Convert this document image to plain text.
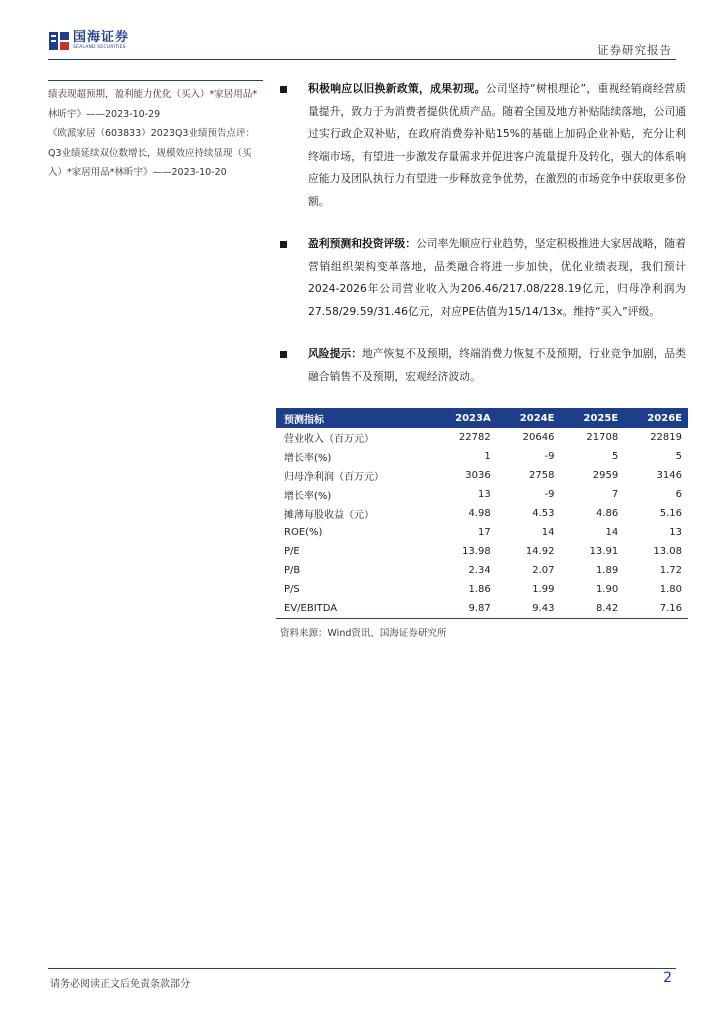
国海证券
SEALAND SECURITIES	证券研究报告
绩表现超预期，盈利能力优化（买入）*家居用品*
林昕宇》——2023-10-29
《欧派家居（603833）2023Q3业绩预告点评：
Q3业绩延续双位数增长，规模效应持续显现（买
入）*家居用品*林昕宇》——2023-10-20
积极响应以旧换新政策，成果初现。公司坚持“树根理论”，重视经销商经营质量提升，致力于为消费者提供优质产品。随着全国及地方补贴陆续落地，公司通过实行政企双补贴，在政府消费券补贴15%的基础上加码企业补贴，充分让利终端市场，有望进一步激发存量需求并促进客户流量提升及转化，强大的体系响应能力及团队执行力有望进一步释放竞争优势，在激烈的市场竞争中获取更多份额。
盈利预测和投资评级：公司率先顺应行业趋势，坚定积极推进大家居战略，随着营销组织架构变革落地，品类融合将进一步加快，优化业绩表现，我们预计2024-2026年公司营业收入为206.46/217.08/228.19亿元，归母净利润为27.58/29.59/31.46亿元，对应PE估值为15/14/13x。维持“买入”评级。
风险提示：地产恢复不及预期，终端消费力恢复不及预期，行业竞争加剧，品类融合销售不及预期，宏观经济波动。
预测指标	2023A	2024E	2025E	2026E
营业收入（百万元）	22782	20646	21708	22819
增长率(%)	1	-9	5	5
归母净利润（百万元）	3036	2758	2959	3146
增长率(%)	13	-9	7	6
摊薄每股收益（元）	4.98	4.53	4.86	5.16
ROE(%)	17	14	14	13
P/E	13.98	14.92	13.91	13.08
P/B	2.34	2.07	1.89	1.72
P/S	1.86	1.99	1.90	1.80
EV/EBITDA	9.87	9.43	8.42	7.16
资料来源：Wind资讯、国海证券研究所
请务必阅读正文后免责条款部分	2
